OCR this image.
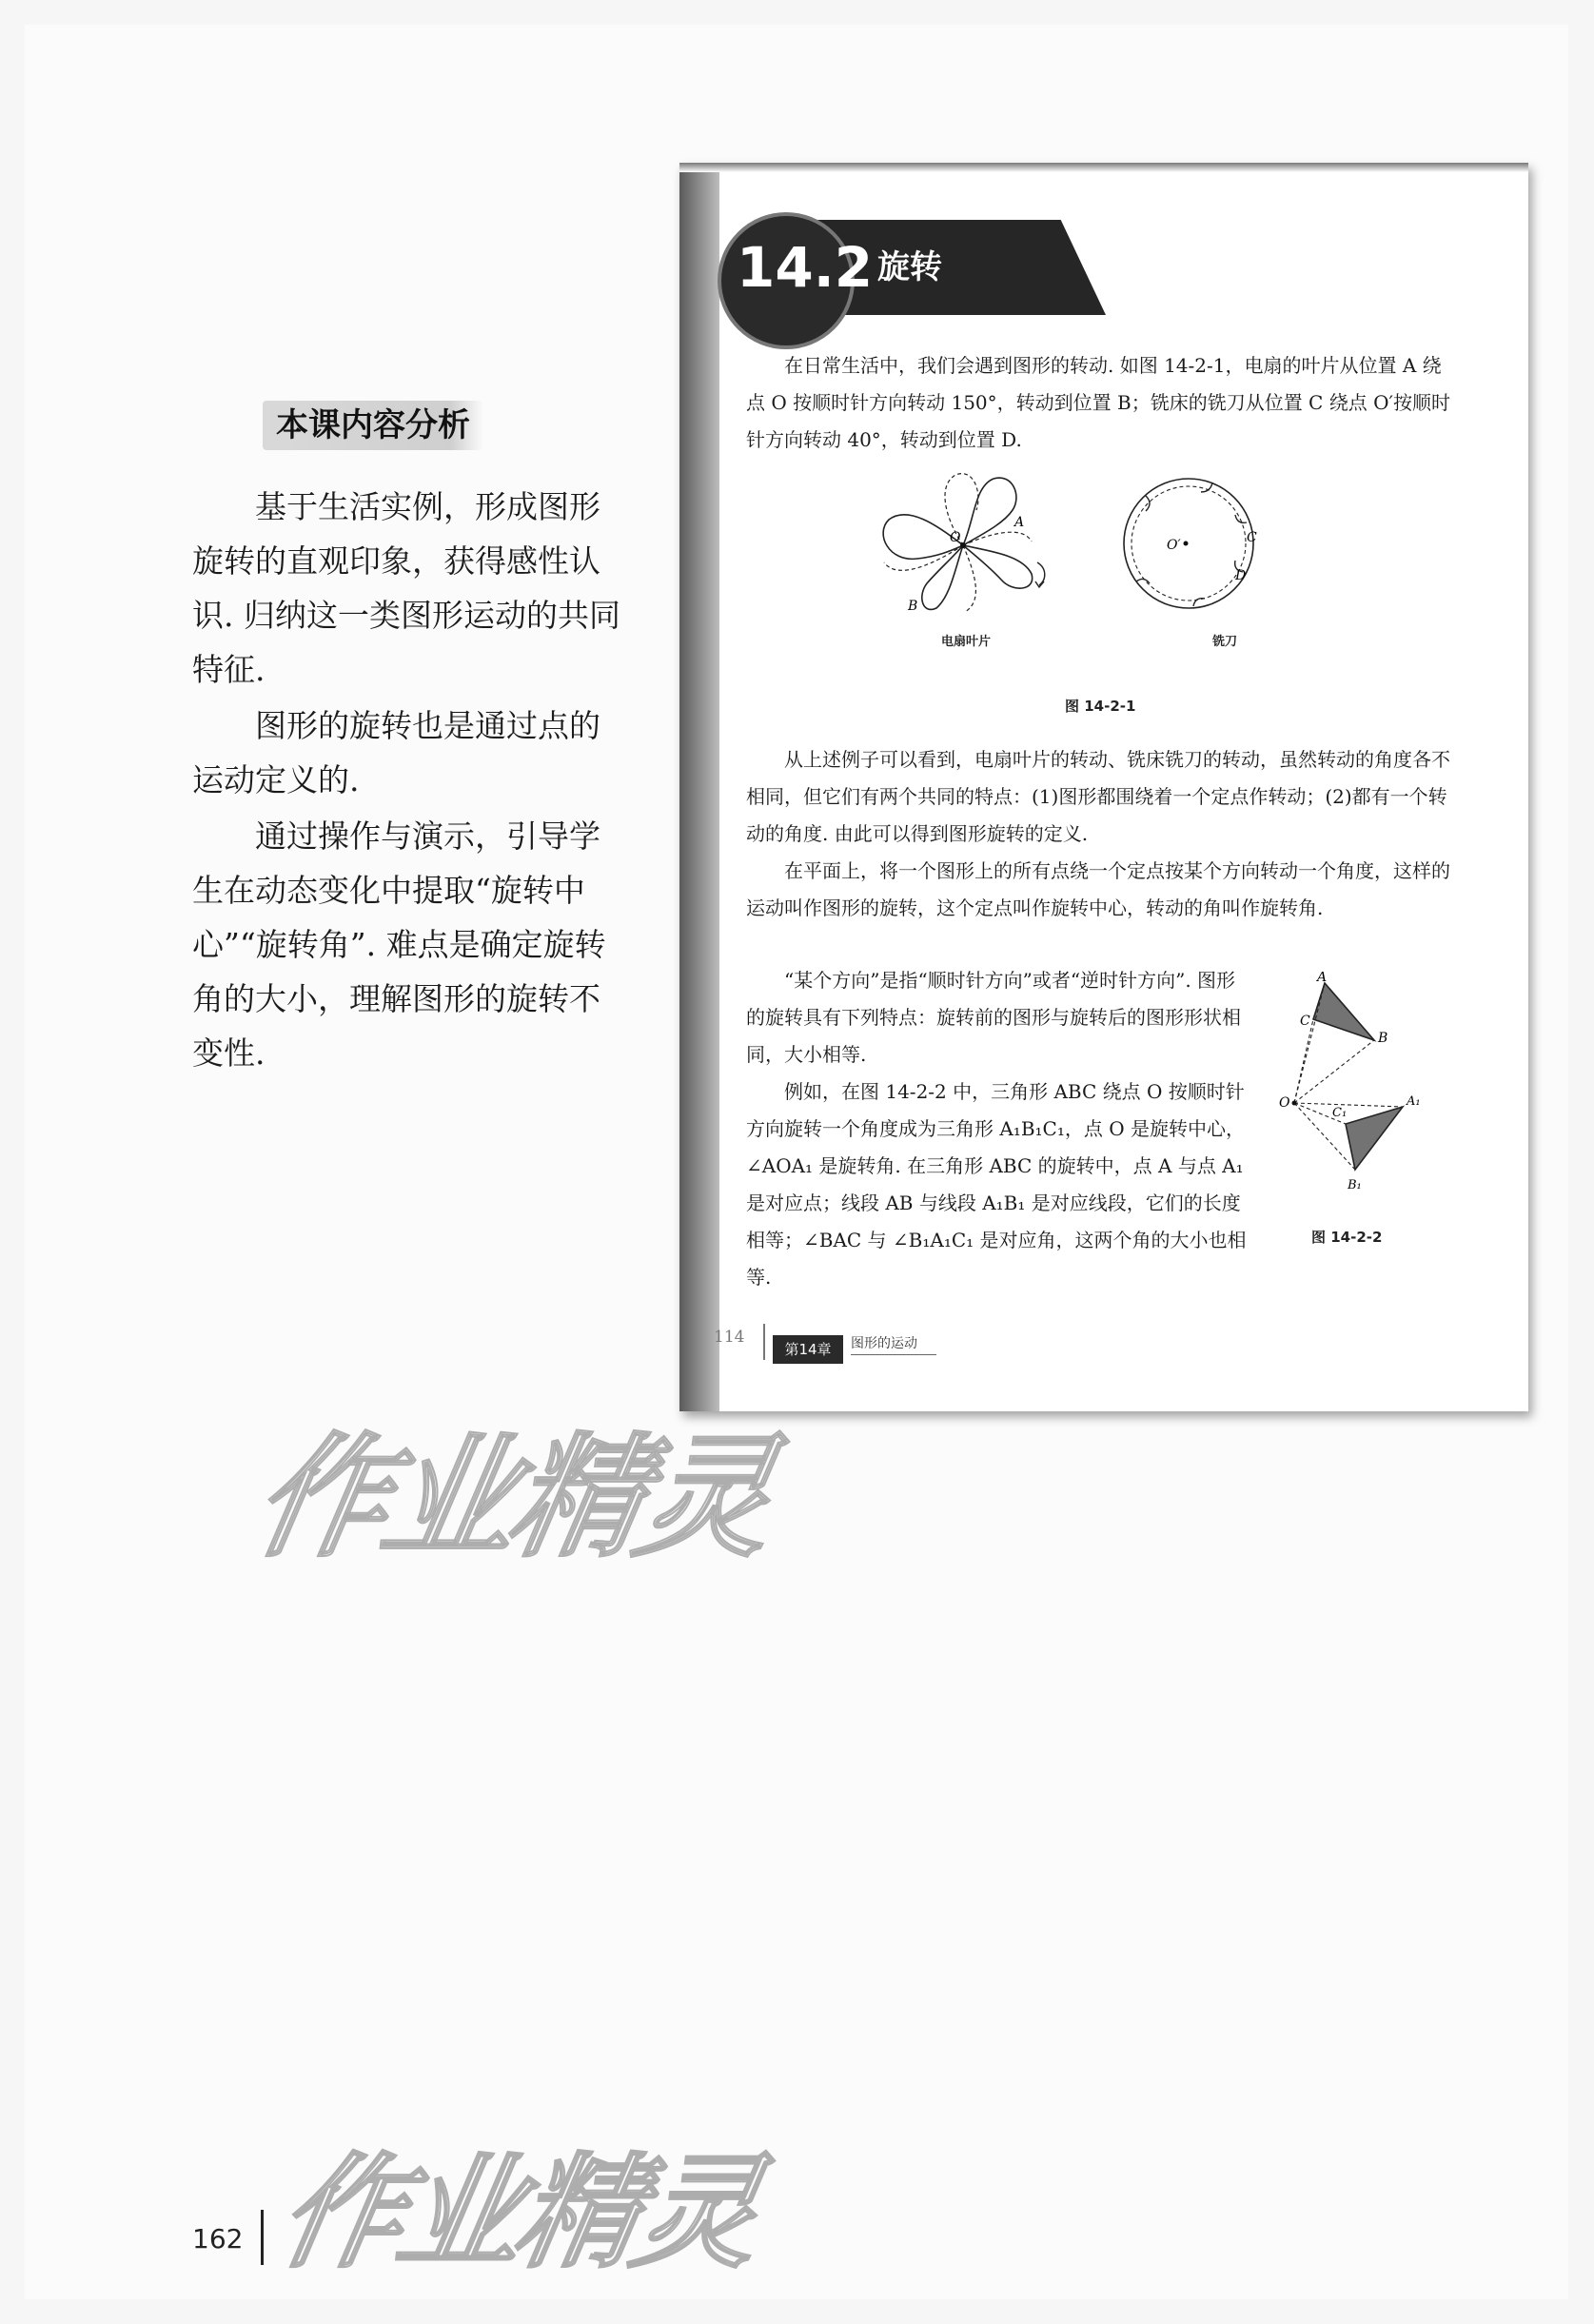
本课内容分析

基于生活实例，形成图形旋转的直观印象，获得感性认识. 归纳这一类图形运动的共同特征.

图形的旋转也是通过点的运动定义的.

通过操作与演示，引导学生在动态变化中提取“旋转中心”“旋转角”. 难点是确定旋转角的大小，理解图形的旋转不变性.

14.2 旋转

在日常生活中，我们会遇到图形的转动. 如图 14-2-1，电扇的叶片从位置 A 绕点 O 按顺时针方向转动 150°，转动到位置 B；铣床的铣刀从位置 C 绕点 O′按顺时针方向转动 40°，转动到位置 D.

O
A
B
O′	C
D
电扇叶片	铣刀
图 14-2-1

从上述例子可以看到，电扇叶片的转动、铣床铣刀的转动，虽然转动的角度各不相同，但它们有两个共同的特点：(1)图形都围绕着一个定点作转动；(2)都有一个转动的角度. 由此可以得到图形旋转的定义.

在平面上，将一个图形上的所有点绕一个定点按某个方向转动一个角度，这样的运动叫作图形的旋转，这个定点叫作旋转中心，转动的角叫作旋转角.

“某个方向”是指“顺时针方向”或者“逆时针方向”. 图形的旋转具有下列特点：旋转前的图形与旋转后的图形形状相同，大小相等.

例如，在图 14-2-2 中，三角形 ABC 绕点 O 按顺时针方向旋转一个角度成为三角形 A₁B₁C₁，点 O 是旋转中心，∠AOA₁ 是旋转角. 在三角形 ABC 的旋转中，点 A 与点 A₁ 是对应点；线段 AB 与线段 A₁B₁ 是对应线段，它们的长度相等；∠BAC 与 ∠B₁A₁C₁ 是对应角，这两个角的大小也相等.

A
B
C
O	A₁
B₁
C₁
图 14-2-2
114
第14章	图形的运动
作业精灵
作业精灵
162
